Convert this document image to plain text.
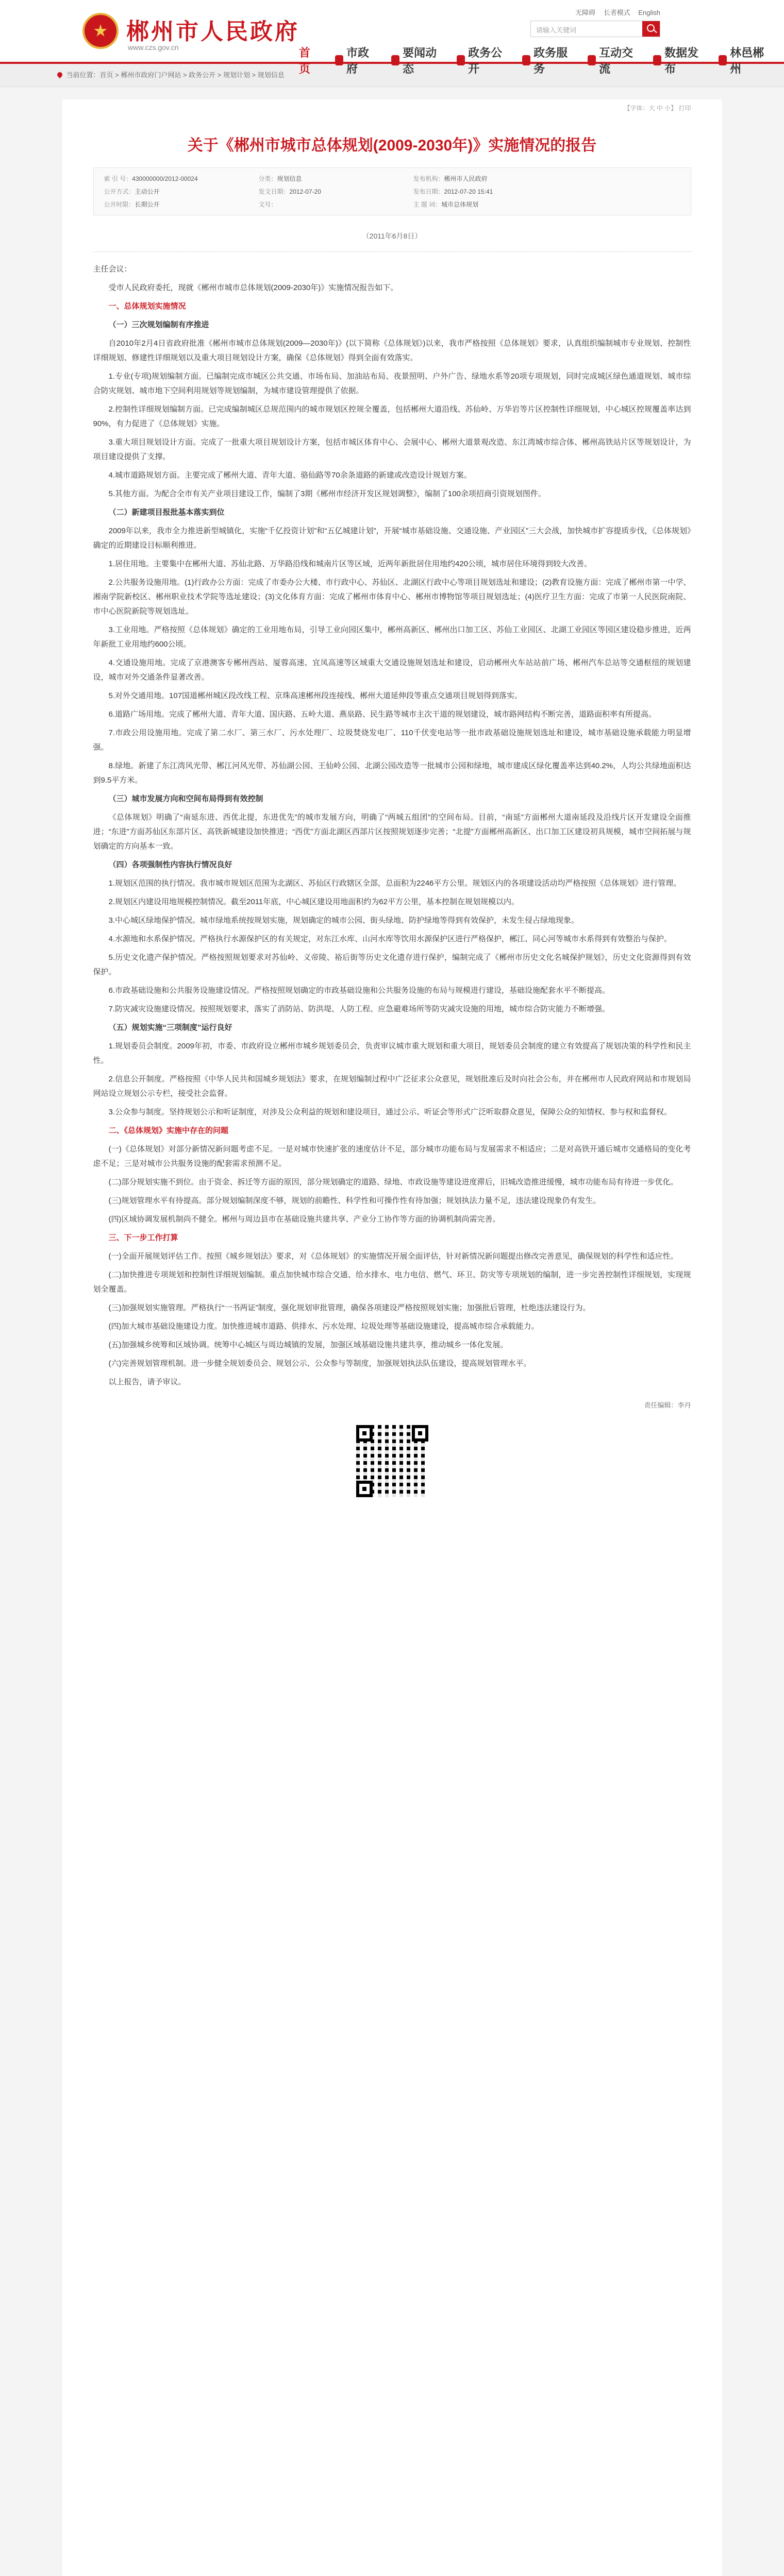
郴州市人民政府
www.czs.gov.cn
无障碍 长者模式 English
请输入关键词
首页
市政府
要闻动态
政务公开
政务服务
互动交流
数据发布
林邑郴州
当前位置：首页 > 郴州市政府门户网站 > 政务公开 > 规划计划 > 规划信息
【字体：大 中 小】 打印
关于《郴州市城市总体规划(2009-2030年)》实施情况的报告
索 引 号：430000000/2012-00024	分类：规划信息	发布机构：郴州市人民政府
公开方式：主动公开	发文日期：2012-07-20	发布日期：2012-07-20 15:41
公开时限：长期公开	文号：	主 题 词：城市总体规划
（2011年6月8日）

主任会议：

受市人民政府委托，现就《郴州市城市总体规划(2009-2030年)》实施情况报告如下。

一、总体规划实施情况

（一）三次规划编制有序推进

自2010年2月4日省政府批准《郴州市城市总体规划(2009—2030年)》(以下简称《总体规划》)以来，我市严格按照《总体规划》要求，认真组织编制城市专业规划、控制性详细规划、修建性详细规划以及重大项目规划设计方案，确保《总体规划》得到全面有效落实。

1.专业(专项)规划编制方面。已编制完成市城区公共交通、市场布局、加油站布局、夜景照明、户外广告、绿地水系等20项专项规划，同时完成城区绿色通道规划、城市综合防灾规划、城市地下空间利用规划等规划编制，为城市建设管理提供了依据。

2.控制性详细规划编制方面。已完成编制城区总规范围内的城市规划区控规全覆盖，包括郴州大道沿线、苏仙岭、万华岩等片区控制性详细规划，中心城区控规覆盖率达到90%，有力促进了《总体规划》实施。

3.重大项目规划设计方面。完成了一批重大项目规划设计方案，包括市城区体育中心、会展中心、郴州大道景观改造、东江湾城市综合体、郴州高铁站片区等规划设计，为项目建设提供了支撑。

4.城市道路规划方面。主要完成了郴州大道、青年大道、骆仙路等70余条道路的新建或改造设计规划方案。

5.其他方面。为配合全市有关产业项目建设工作，编制了3期《郴州市经济开发区规划调整》，编制了100余项招商引资规划图件。

（二）新建项目报批基本落实到位

2009年以来，我市全力推进新型城镇化，实施“千亿投资计划”和“五亿城建计划”，开展“城市基础设施、交通设施、产业园区”三大会战，加快城市扩容提质步伐，《总体规划》确定的近期建设目标顺利推进。

1.居住用地。主要集中在郴州大道、苏仙北路、万华路沿线和城南片区等区域，近两年新批居住用地约420公顷，城市居住环境得到较大改善。

2.公共服务设施用地。(1)行政办公方面：完成了市委办公大楼、市行政中心、苏仙区、北湖区行政中心等项目规划选址和建设；(2)教育设施方面：完成了郴州市第一中学、湘南学院新校区、郴州职业技术学院等选址建设；(3)文化体育方面：完成了郴州市体育中心、郴州市博物馆等项目规划选址；(4)医疗卫生方面：完成了市第一人民医院南院、市中心医院新院等规划选址。

3.工业用地。严格按照《总体规划》确定的工业用地布局，引导工业向园区集中，郴州高新区、郴州出口加工区、苏仙工业园区、北湖工业园区等园区建设稳步推进，近两年新批工业用地约600公顷。

4.交通设施用地。完成了京港澳客专郴州西站、厦蓉高速、宜凤高速等区域重大交通设施规划选址和建设，启动郴州火车站站前广场、郴州汽车总站等交通枢纽的规划建设，城市对外交通条件显著改善。

5.对外交通用地。107国道郴州城区段改线工程、京珠高速郴州段连接线、郴州大道延伸段等重点交通项目规划得到落实。

6.道路广场用地。完成了郴州大道、青年大道、国庆路、五岭大道、燕泉路、民生路等城市主次干道的规划建设，城市路网结构不断完善，道路面积率有所提高。

7.市政公用设施用地。完成了第二水厂、第三水厂、污水处理厂、垃圾焚烧发电厂、110千伏变电站等一批市政基础设施规划选址和建设，城市基础设施承载能力明显增强。

8.绿地。新建了东江湾风光带、郴江河风光带、苏仙湖公园、王仙岭公园、北湖公园改造等一批城市公园和绿地，城市建成区绿化覆盖率达到40.2%，人均公共绿地面积达到9.5平方米。

（三）城市发展方向和空间布局得到有效控制

《总体规划》明确了“南延东进、西优北提，东进优先”的城市发展方向，明确了“两城五组团”的空间布局。目前，“南延”方面郴州大道南延段及沿线片区开发建设全面推进；“东进”方面苏仙区东部片区、高铁新城建设加快推进；“西优”方面北湖区西部片区按照规划逐步完善；“北提”方面郴州高新区、出口加工区建设初具规模，城市空间拓展与规划确定的方向基本一致。

（四）各项强制性内容执行情况良好

1.规划区范围的执行情况。我市城市规划区范围为北湖区、苏仙区行政辖区全部，总面积为2246平方公里。规划区内的各项建设活动均严格按照《总体规划》进行管理。

2.规划区内建设用地规模控制情况。截至2011年底，中心城区建设用地面积约为62平方公里，基本控制在规划规模以内。

3.中心城区绿地保护情况。城市绿地系统按规划实施，规划确定的城市公园、街头绿地、防护绿地等得到有效保护，未发生侵占绿地现象。

4.水源地和水系保护情况。严格执行水源保护区的有关规定，对东江水库、山河水库等饮用水源保护区进行严格保护，郴江、同心河等城市水系得到有效整治与保护。

5.历史文化遗产保护情况。严格按照规划要求对苏仙岭、义帝陵、裕后街等历史文化遗存进行保护，编制完成了《郴州市历史文化名城保护规划》，历史文化资源得到有效保护。

6.市政基础设施和公共服务设施建设情况。严格按照规划确定的市政基础设施和公共服务设施的布局与规模进行建设，基础设施配套水平不断提高。

7.防灾减灾设施建设情况。按照规划要求，落实了消防站、防洪堤、人防工程、应急避难场所等防灾减灾设施的用地，城市综合防灾能力不断增强。

（五）规划实施“三项制度”运行良好

1.规划委员会制度。2009年初，市委、市政府设立郴州市城乡规划委员会，负责审议城市重大规划和重大项目，规划委员会制度的建立有效提高了规划决策的科学性和民主性。

2.信息公开制度。严格按照《中华人民共和国城乡规划法》要求，在规划编制过程中广泛征求公众意见，规划批准后及时向社会公布，并在郴州市人民政府网站和市规划局网站设立规划公示专栏，接受社会监督。

3.公众参与制度。坚持规划公示和听证制度，对涉及公众利益的规划和建设项目，通过公示、听证会等形式广泛听取群众意见，保障公众的知情权、参与权和监督权。

二、《总体规划》实施中存在的问题

(一)《总体规划》对部分新情况新问题考虑不足。一是对城市快速扩张的速度估计不足，部分城市功能布局与发展需求不相适应；二是对高铁开通后城市交通格局的变化考虑不足；三是对城市公共服务设施的配套需求预测不足。

(二)部分规划实施不到位。由于资金、拆迁等方面的原因，部分规划确定的道路、绿地、市政设施等建设进度滞后，旧城改造推进缓慢，城市功能布局有待进一步优化。

(三)规划管理水平有待提高。部分规划编制深度不够，规划的前瞻性、科学性和可操作性有待加强；规划执法力量不足，违法建设现象仍有发生。

(四)区域协调发展机制尚不健全。郴州与周边县市在基础设施共建共享、产业分工协作等方面的协调机制尚需完善。

三、下一步工作打算

(一)全面开展规划评估工作。按照《城乡规划法》要求，对《总体规划》的实施情况开展全面评估，针对新情况新问题提出修改完善意见，确保规划的科学性和适应性。

(二)加快推进专项规划和控制性详细规划编制。重点加快城市综合交通、给水排水、电力电信、燃气、环卫、防灾等专项规划的编制，进一步完善控制性详细规划，实现规划全覆盖。

(三)加强规划实施管理。严格执行“一书两证”制度，强化规划审批管理，确保各项建设严格按照规划实施；加强批后管理，杜绝违法建设行为。

(四)加大城市基础设施建设力度。加快推进城市道路、供排水、污水处理、垃圾处理等基础设施建设，提高城市综合承载能力。

(五)加强城乡统筹和区域协调。统筹中心城区与周边城镇的发展，加强区域基础设施共建共享，推动城乡一体化发展。

(六)完善规划管理机制。进一步健全规划委员会、规划公示、公众参与等制度，加强规划执法队伍建设，提高规划管理水平。

以上报告，请予审议。

责任编辑：李丹
